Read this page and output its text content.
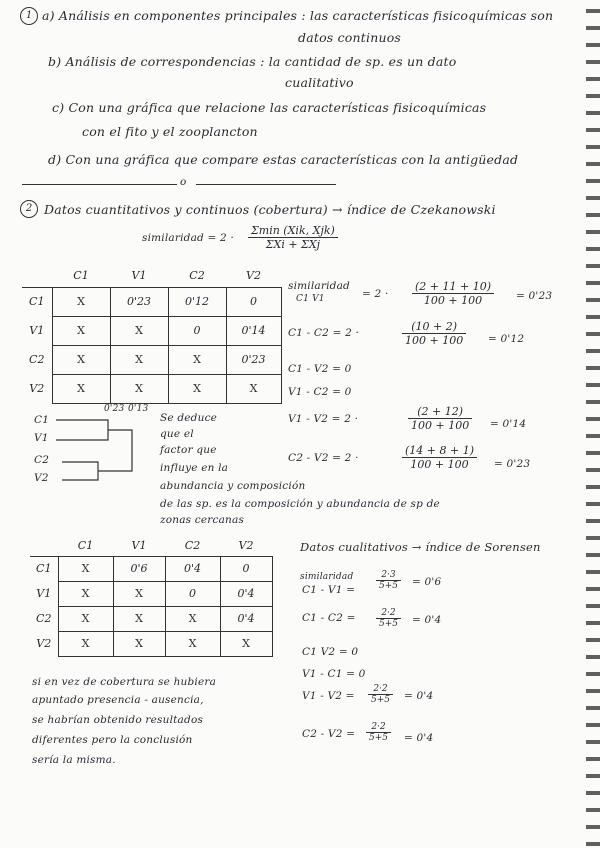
1 a) Análisis en componentes principales : las características fisicoquímicas son
datos continuos
b) Análisis de correspondencias : la cantidad de sp. es un dato
cualitativo
c) Con una gráfica que relacione las características fisicoquímicas
con el fito y el zooplancton
d) Con una gráfica que compare estas características con la antigüedad
o
2 Datos cuantitativos y continuos (cobertura) → índice de Czekanowski
similaridad = 2 ·
Σmin (Xik, Xjk)
ΣXi + ΣXj
	C1	V1	C2	V2
C1	X	0'23	0'12	0
V1	X	X	0	0'14
C2	X	X	X	0'23
V2	X	X	X	X
similaridad
C1 V1	= $2 \cdot \frac{(2 + 11 + 10)}{100 + 100} = 0'23$
C1 - C2 = 2 ·	$\frac{(10 + 2)}{100 + 100} = 0'12$
C1 - V2 = 0
V1 - C2 = 0
V1 - V2 = 2 ·	$\frac{(2 + 12)}{100 + 100} = 0'14$
C2 - V2 = 2 ·	$\frac{(14 + 8 + 1)}{100 + 100} = 0'23$
0'23 0'13
C1
V1
C2
V2
Se deduce
que el
factor que
influye en la
abundancia y composición
de las sp. es la composición y abundancia de sp de
zonas cercanas
	C1	V1	C2	V2
C1	X	0'6	0'4	0
V1	X	X	0	0'4
C2	X	X	X	0'4
V2	X	X	X	X
Datos cualitativos → índice de Sorensen
similaridad
$C1 - V1 = \frac{2\cdot 3}{5+5} = 0'6$
$C1 - C2 = \frac{2\cdot 2}{5+5} = 0'4$
C1 V2 = 0
V1 - C1 = 0
$V1 - V2 = \frac{2\cdot 2}{5+5} = 0'4$
$C2 - V2 = \frac{2\cdot 2}{5+5} = 0'4$
si en vez de cobertura se hubiera
apuntado presencia - ausencia,
se habrían obtenido resultados
diferentes pero la conclusión
sería la misma.
